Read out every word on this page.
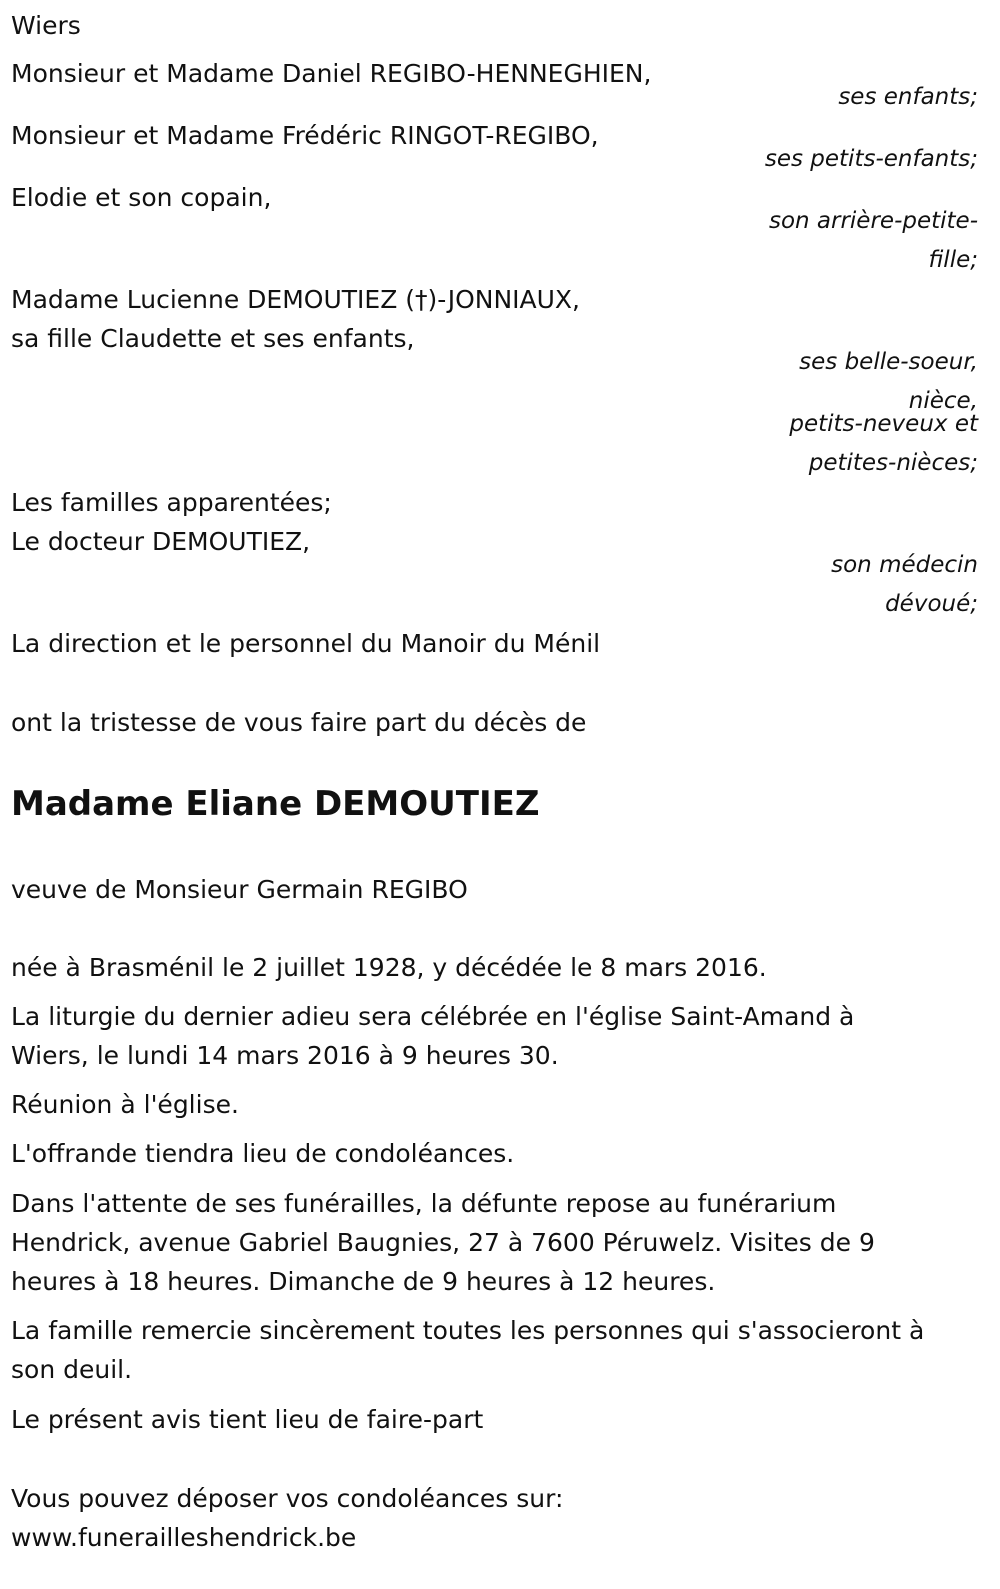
Wiers
Monsieur et Madame Daniel REGIBO-HENNEGHIEN,
ses enfants;
Monsieur et Madame Frédéric RINGOT-REGIBO,
ses petits-enfants;
Elodie et son copain,
son arrière-petite-
fille;
Madame Lucienne DEMOUTIEZ (†)-JONNIAUX,
sa fille Claudette et ses enfants,
ses belle-soeur,
nièce,
petits-neveux et
petites-nièces;
Les familles apparentées;
Le docteur DEMOUTIEZ,
son médecin
dévoué;
La direction et le personnel du Manoir du Ménil
ont la tristesse de vous faire part du décès de
Madame Eliane DEMOUTIEZ
veuve de Monsieur Germain REGIBO
née à Brasménil le 2 juillet 1928, y décédée le 8 mars 2016.
La liturgie du dernier adieu sera célébrée en l'église Saint-Amand à
Wiers, le lundi 14 mars 2016 à 9 heures 30.
Réunion à l'église.
L'offrande tiendra lieu de condoléances.
Dans l'attente de ses funérailles, la défunte repose au funérarium
Hendrick, avenue Gabriel Baugnies, 27 à 7600 Péruwelz. Visites de 9
heures à 18 heures. Dimanche de 9 heures à 12 heures.
La famille remercie sincèrement toutes les personnes qui s'associeront à
son deuil.
Le présent avis tient lieu de faire-part
Vous pouvez déposer vos condoléances sur:
www.funerailleshendrick.be
